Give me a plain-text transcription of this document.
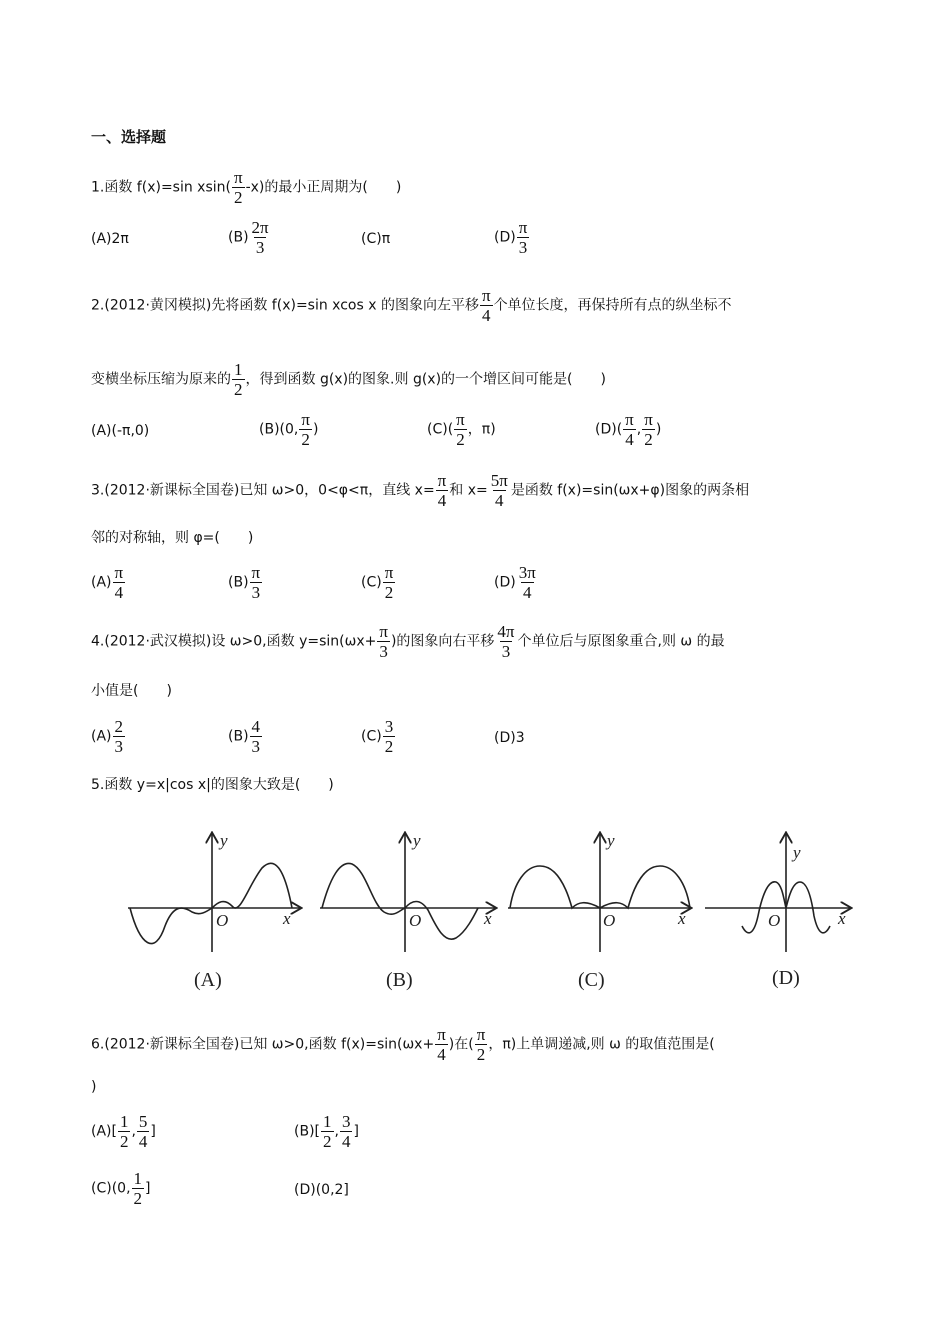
一、选择题
1.函数 f(x)=sin $xsin( \frac{\pi}{2} -x)$的最小正周期为(　　)
(A)2π	$(B) \frac{2\pi}{3}$	(C)π	$(D) \frac{\pi}{3}$
2.(2012·黄冈模拟)先将函数 f(x)=sin xcos x 的图象向左平移 $\frac{\pi}{4}$ 个单位长度，再保持所有点的纵坐标不
变横坐标压缩为原来的 $\frac{1}{2}$ ，得到函数 g(x)的图象.则 g(x)的一个增区间可能是(　　)
(A)(-π,0)	(B)(0, $\frac{\pi}{2}$ )	$(C)( \frac{\pi}{2}$ ，π)	$(D)( \frac{\pi}{4}$ , $\frac{\pi}{2}$ )
3.(2012·新课标全国卷)已知 ω>0，0<φ<π，直线 $x= \frac{\pi}{4}$ 和 $x= \frac{5\pi}{4}$ 是函数 f(x)=sin(ωx+φ)图象的两条相
邻的对称轴，则 φ=(　　)
$(A) \frac{\pi}{4}$	$(B) \frac{\pi}{3}$	$(C) \frac{\pi}{2}$	$(D) \frac{3\pi}{4}$
4.(2012·武汉模拟)设 ω>0,函数 $y=\sin(\omega x+ \frac{\pi}{3}$ )的图象向右平移 $\frac{4\pi}{3}$ 个单位后与原图象重合,则 ω 的最
小值是(　　)
$(A) \frac{2}{3}$	$(B) \frac{4}{3}$	$(C) \frac{3}{2}$	(D)3
5.函数 y=x|cos x|的图象大致是(　　)
y
O	x
(A)
y
O	x
(B)
y
O	x
(C)
y
O	x
(D)
6.(2012·新课标全国卷)已知 ω>0,函数 $f(x)=\sin(\omega x+ \frac{\pi}{4}$ )在( $\frac{\pi}{2}$ ，π)上单调递减,则 ω 的取值范围是(
)
$(A)[ \frac{1}{2}$ , $\frac{5}{4}$ ]	$(B)[ \frac{1}{2}$ , $\frac{3}{4}$ ]
(C)(0, $\frac{1}{2}$ ]	(D)(0,2]
